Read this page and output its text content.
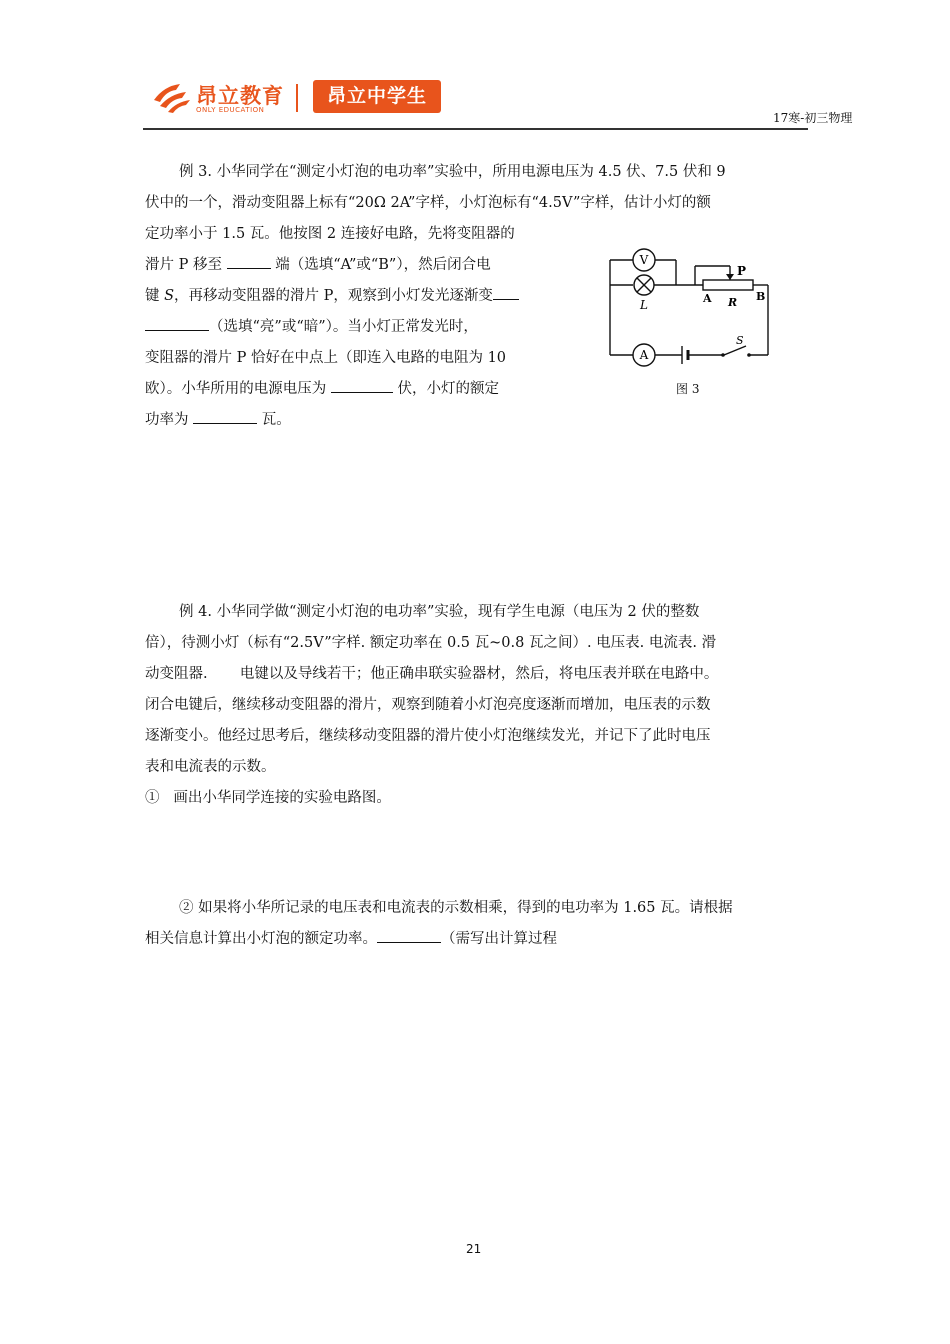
昂立教育
ONLY EDUCATION
昂立中学生
17寒-初三物理
例 3. 小华同学在“测定小灯泡的电功率”实验中，所用电源电压为 4.5 伏、7.5 伏和 9
伏中的一个，滑动变阻器上标有“20Ω 2A”字样，小灯泡标有“4.5V”字样，估计小灯的额
定功率小于 1.5 瓦。他按图 2 连接好电路，先将变阻器的
滑片 P 移至	端（选填“A”或“B”），然后闭合电
键 S，再移动变阻器的滑片 P，观察到小灯发光逐渐变
（选填“亮”或“暗”）。当小灯正常发光时，
变阻器的滑片 P 恰好在中点上（即连入电路的电阻为 10
欧）。小华所用的电源电压为	伏，小灯的额定
功率为	瓦。
V
A
L
P
A R B
S
图 3
例 4. 小华同学做“测定小灯泡的电功率”实验，现有学生电源（电压为 2 伏的整数
倍），待测小灯（标有“2.5V”字样. 额定功率在 0.5 瓦~0.8 瓦之间）. 电压表. 电流表. 滑
动变阻器.       电键以及导线若干；他正确串联实验器材，然后，将电压表并联在电路中。
闭合电键后，继续移动变阻器的滑片，观察到随着小灯泡亮度逐渐而增加，电压表的示数
逐渐变小。他经过思考后，继续移动变阻器的滑片使小灯泡继续发光，并记下了此时电压
表和电流表的示数。
①   画出小华同学连接的实验电路图。
② 如果将小华所记录的电压表和电流表的示数相乘，得到的电功率为 1.65 瓦。请根据
相关信息计算出小灯泡的额定功率。	（需写出计算过程
21
